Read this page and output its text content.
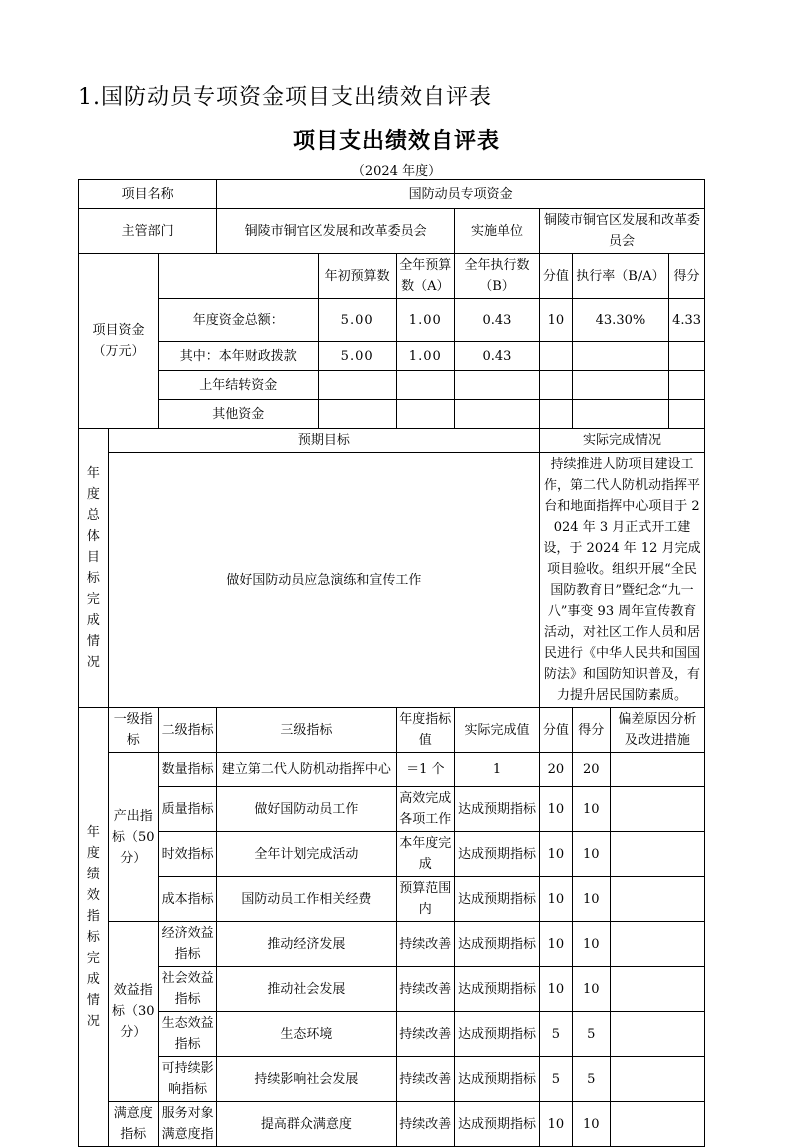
1.国防动员专项资金项目支出绩效自评表
项目支出绩效自评表
（2024 年度）
项目名称			国防动员专项资金							
主管部门			铜陵市铜官区发展和改革委员会			实施单位	铜陵市铜官区发展和改革委员会			
项目资金（万元）				年初预算数	全年预算数（A）	全年执行数（B）	分值	执行率（B/A）		得分
		年度资金总额：		5.00	1.00	0.43	10	43.30%		4.33
		其中：本年财政拨款		5.00	1.00	0.43				
		上年结转资金								
		其他资金								
年度总体目标完成情况	预期目标						实际完成情况			
	做好国防动员应急演练和宣传工作						持续推进人防项目建设工作，第二代人防机动指挥平台和地面指挥中心项目于 2024 年 3 月正式开工建设，于 2024 年 12 月完成项目验收。组织开展“全民国防教育日”暨纪念“九一八”事变 93 周年宣传教育活动，对社区工作人员和居民进行《中华人民共和国国防法》和国防知识普及，有力提升居民国防素质。			
年度绩效指标完成情况	一级指标	二级指标	三级指标		年度指标值	实际完成值	分值	得分	偏差原因分析及改进措施	
	产出指标（50 分）	数量指标	建立第二代人防机动指挥中心		＝1 个	1	20	20		
		质量指标	做好国防动员工作		高效完成各项工作	达成预期指标	10	10		
		时效指标	全年计划完成活动		本年度完成	达成预期指标	10	10		
		成本指标	国防动员工作相关经费		预算范围内	达成预期指标	10	10		
	效益指标（30 分）	经济效益指标	推动经济发展		持续改善	达成预期指标	10	10		
		社会效益指标	推动社会发展		持续改善	达成预期指标	10	10		
		生态效益指标	生态环境		持续改善	达成预期指标	5	5		
		可持续影响指标	持续影响社会发展		持续改善	达成预期指标	5	5		
	满意度指标	服务对象满意度指	提高群众满意度		持续改善	达成预期指标	10	10		
